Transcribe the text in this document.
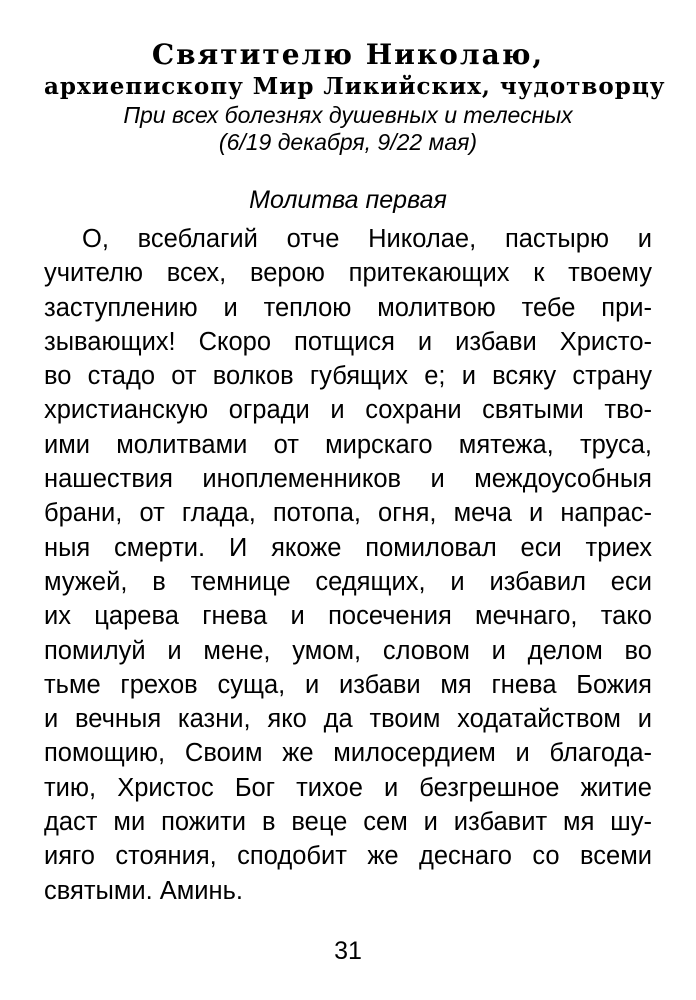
Святителю Николаю,
архиепископу Мир Ликийских, чудотворцу
При всех болезнях душевных и телесных
(6/19 декабря, 9/22 мая)
Молитва первая
О, всеблагий отче Николае, пастырю и
учителю всех, верою притекающих к твоему
заступлению и теплою молитвою тебе при-
зывающих! Скоро потщися и избави Христо-
во стадо от волков губящих е; и всяку страну
христианскую огради и сохрани святыми тво-
ими молитвами от мирскаго мятежа, труса,
нашествия иноплеменников и междоусобныя
брани, от глада, потопа, огня, меча и напрас-
ныя смерти. И якоже помиловал еси триех
мужей, в темнице седящих, и избавил еси
их царева гнева и посечения мечнаго, тако
помилуй и мене, умом, словом и делом во
тьме грехов суща, и избави мя гнева Божия
и вечныя казни, яко да твоим ходатайством и
помощию, Своим же милосердием и благода-
тию, Христос Бог тихое и безгрешное житие
даст ми пожити в веце сем и избавит мя шу-
ияго стояния, сподобит же деснаго со всеми
святыми. Аминь.
31
